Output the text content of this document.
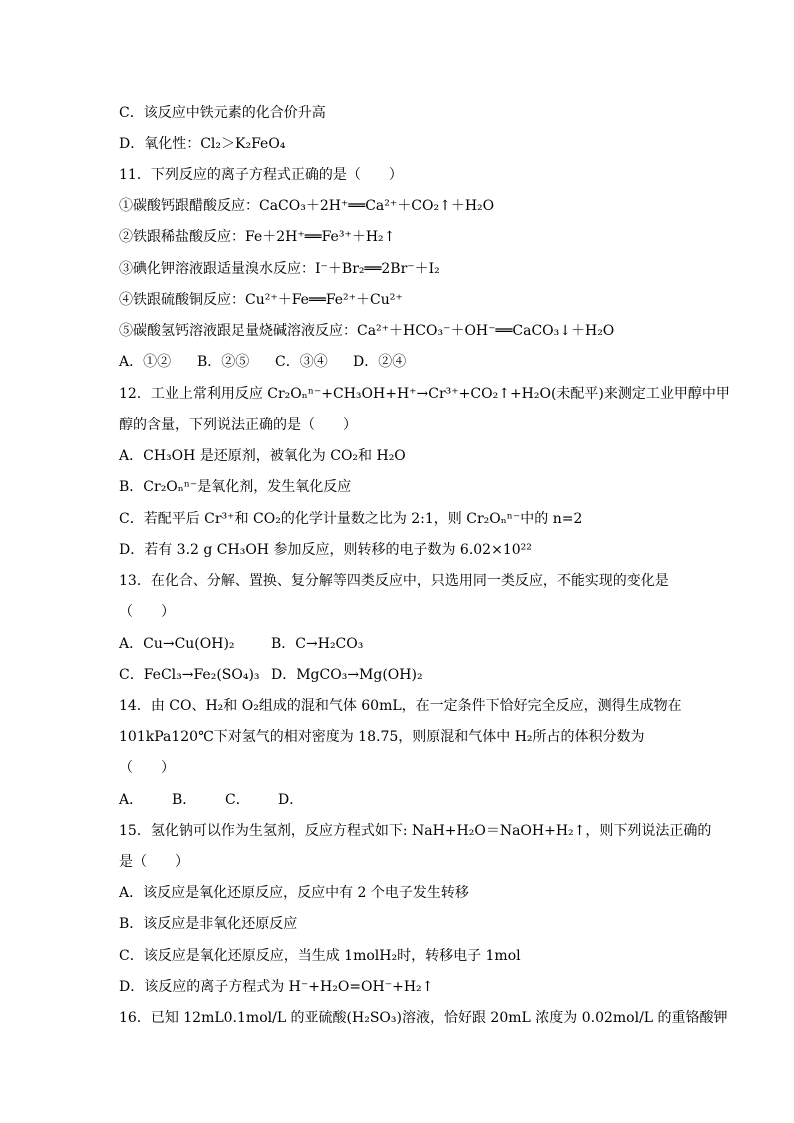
C．该反应中铁元素的化合价升高
D．氧化性：Cl₂＞K₂FeO₄
11．下列反应的离子方程式正确的是（　　）
①碳酸钙跟醋酸反应：CaCO₃＋2H⁺══Ca²⁺＋CO₂↑＋H₂O
②铁跟稀盐酸反应：Fe＋2H⁺══Fe³⁺＋H₂↑
③碘化钾溶液跟适量溴水反应：I⁻＋Br₂══2Br⁻＋I₂
④铁跟硫酸铜反应：Cu²⁺＋Fe══Fe²⁺＋Cu²⁺
⑤碳酸氢钙溶液跟足量烧碱溶液反应：Ca²⁺＋HCO₃⁻＋OH⁻══CaCO₃↓＋H₂O
A．①②	B．②⑤	C．③④	D．②④
12．工业上常利用反应 Cr₂Oₙⁿ⁻+CH₃OH+H⁺→Cr³⁺+CO₂↑+H₂O(未配平)来测定工业甲醇中甲
醇的含量，下列说法正确的是（　　）
A．CH₃OH 是还原剂，被氧化为 CO₂和 H₂O
B．Cr₂Oₙⁿ⁻是氧化剂，发生氧化反应
C．若配平后 Cr³⁺和 CO₂的化学计量数之比为 2:1，则 Cr₂Oₙⁿ⁻中的 n=2
D．若有 3.2 g CH₃OH 参加反应，则转移的电子数为 6.02×10²²
13．在化合、分解、置换、复分解等四类反应中，只选用同一类反应，不能实现的变化是
（　　）
A．Cu→Cu(OH)₂	B．C→H₂CO₃
C．FeCl₃→Fe₂(SO₄)₃ D．MgCO₃→Mg(OH)₂
14．由 CO、H₂和 O₂组成的混和气体 60mL，在一定条件下恰好完全反应，测得生成物在
101kPa120℃下对氢气的相对密度为 18.75，则原混和气体中 H₂所占的体积分数为
（　　）
A．	B．	C．	D．
15．氢化钠可以作为生氢剂，反应方程式如下: NaH+H₂O＝NaOH+H₂↑，则下列说法正确的
是（　　）
A．该反应是氧化还原反应，反应中有 2 个电子发生转移
B．该反应是非氧化还原反应
C．该反应是氧化还原反应，当生成 1molH₂时，转移电子 1mol
D．该反应的离子方程式为 H⁻+H₂O=OH⁻+H₂↑
16．已知 12mL0.1mol/L 的亚硫酸(H₂SO₃)溶液，恰好跟 20mL 浓度为 0.02mol/L 的重铬酸钾
